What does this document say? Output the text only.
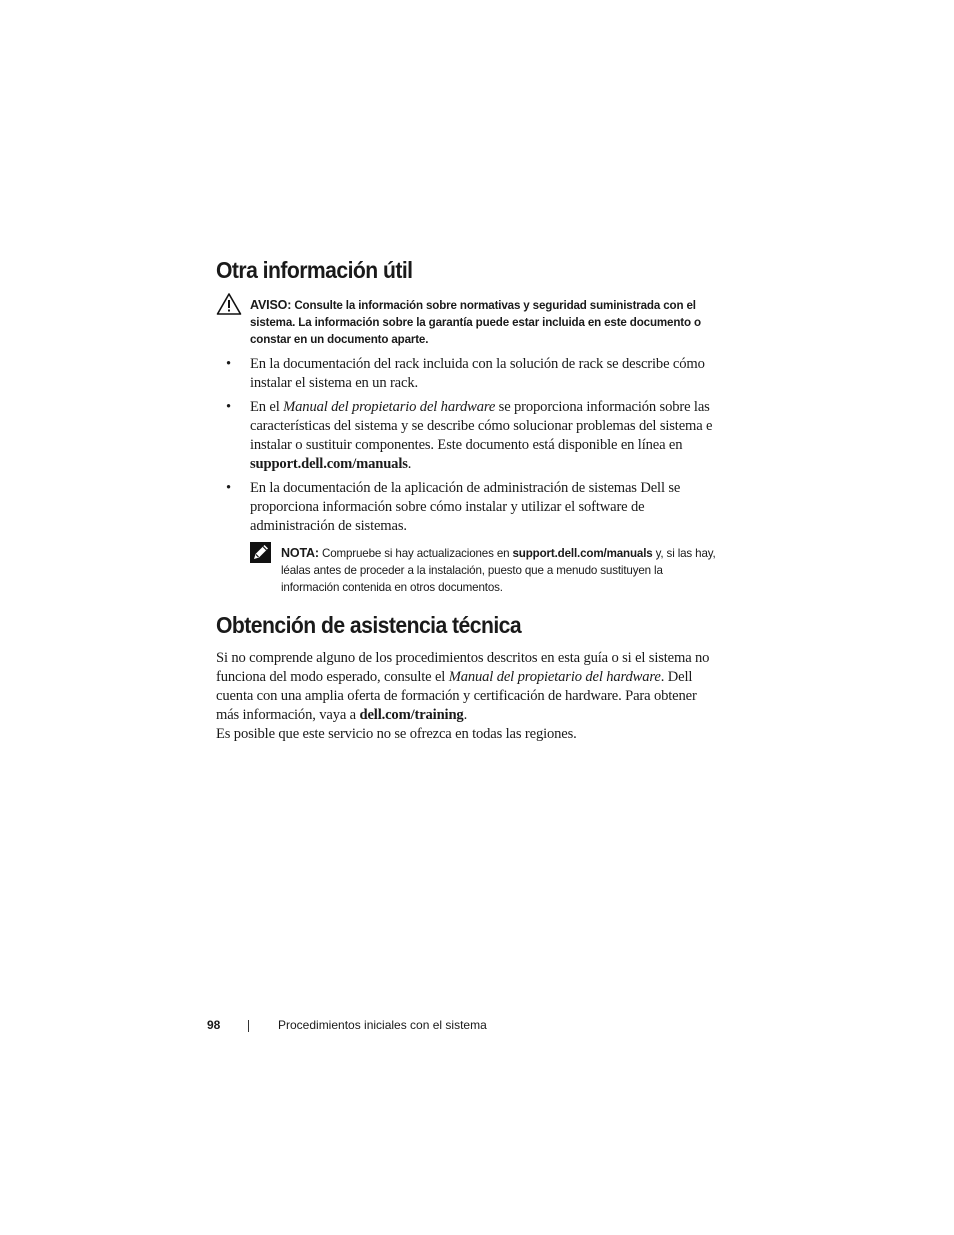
Otra información útil

AVISO: Consulte la información sobre normativas y seguridad suministrada con el sistema. La información sobre la garantía puede estar incluida en este documento o constar en un documento aparte.

• En la documentación del rack incluida con la solución de rack se describe cómo instalar el sistema en un rack.

• En el Manual del propietario del hardware se proporciona información sobre las características del sistema y se describe cómo solucionar problemas del sistema e instalar o sustituir componentes. Este documento está disponible en línea en support.dell.com/manuals.

• En la documentación de la aplicación de administración de sistemas Dell se proporciona información sobre cómo instalar y utilizar el software de administración de sistemas.

NOTA: Compruebe si hay actualizaciones en support.dell.com/manuals y, si las hay, léalas antes de proceder a la instalación, puesto que a menudo sustituyen la información contenida en otros documentos.

Obtención de asistencia técnica

Si no comprende alguno de los procedimientos descritos en esta guía o si el sistema no funciona del modo esperado, consulte el Manual del propietario del hardware. Dell cuenta con una amplia oferta de formación y certificación de hardware. Para obtener más información, vaya a dell.com/training.
Es posible que este servicio no se ofrezca en todas las regiones.

98	Procedimientos iniciales con el sistema
